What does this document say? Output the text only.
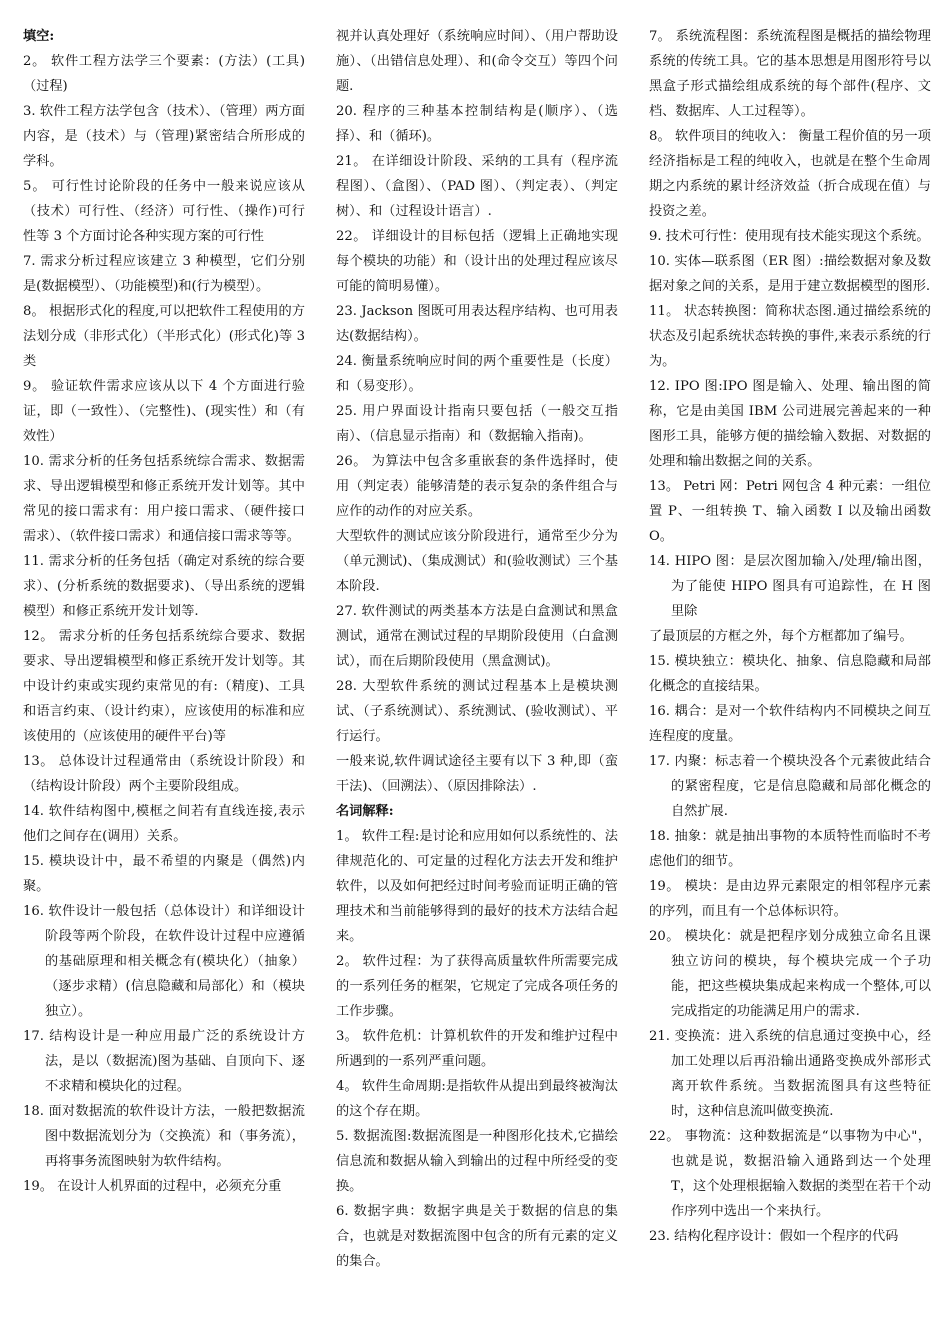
填空:

2。 软件工程方法学三个要素：(方法）(工具)（过程)

3. 软件工程方法学包含（技术）、（管理）两方面内容，是（技术）与（管理)紧密结合所形成的学科。

5。 可行性讨论阶段的任务中一般来说应该从（技术）可行性、（经济）可行性、（操作)可行性等 3 个方面讨论各种实现方案的可行性

7. 需求分析过程应该建立 3 种模型，它们分别是(数据模型）、（功能模型)和(行为模型）。

8。 根据形式化的程度,可以把软件工程使用的方法划分成（非形式化）（半形式化）(形式化)等 3 类

9。 验证软件需求应该从以下 4 个方面进行验证，即（一致性）、（完整性)、(现实性）和（有效性）

10. 需求分析的任务包括系统综合需求、数据需求、导出逻辑模型和修正系统开发计划等。其中常见的接口需求有：用户接口需求、（硬件接口需求）、（软件接口需求）和通信接口需求等等。

11. 需求分析的任务包括（确定对系统的综合要求）、(分析系统的数据要求)、（导出系统的逻辑模型）和修正系统开发计划等.

12。 需求分析的任务包括系统综合要求、数据要求、导出逻辑模型和修正系统开发计划等。其中设计约束或实现约束常见的有:（精度)、工具和语言约束、（设计约束），应该使用的标准和应该使用的（应该使用的硬件平台)等

13。 总体设计过程通常由（系统设计阶段）和（结构设计阶段）两个主要阶段组成。

14. 软件结构图中,模框之间若有直线连接,表示他们之间存在(调用）关系。

15. 模块设计中，最不希望的内聚是（偶然)内聚。

16. 软件设计一般包括（总体设计）和详细设计阶段等两个阶段，在软件设计过程中应遵循的基础原理和相关概念有(模块化）（抽象）（逐步求精）(信息隐藏和局部化）和（模块独立）。

17. 结构设计是一种应用最广泛的系统设计方法，是以（数据流)图为基础、自顶向下、逐不求精和模块化的过程。

18. 面对数据流的软件设计方法，一般把数据流图中数据流划分为（交换流）和（事务流），再将事务流图映射为软件结构。

19。 在设计人机界面的过程中，必须充分重

视并认真处理好（系统响应时间）、（用户帮助设施）、（出错信息处理）、和(命令交互）等四个问题.

20. 程序的三种基本控制结构是(顺序）、（选择）、和（循环)。

21。 在详细设计阶段、采纳的工具有（程序流程图）、（盒图）、（PAD 图）、（判定表）、（判定树）、和（过程设计语言）.

22。 详细设计的目标包括（逻辑上正确地实现每个模块的功能）和（设计出的处理过程应该尽可能的简明易懂）。

23. Jackson 图既可用表达程序结构、也可用表达(数据结构）。

24. 衡量系统响应时间的两个重要性是（长度）和（易变形）。

25. 用户界面设计指南只要包括（一般交互指南）、（信息显示指南）和（数据输入指南)。

26。 为算法中包含多重嵌套的条件选择时，使用（判定表）能够清楚的表示复杂的条件组合与应作的动作的对应关系。

大型软件的测试应该分阶段进行，通常至少分为（单元测试)、（集成测试）和(验收测试）三个基本阶段.

27. 软件测试的两类基本方法是白盒测试和黑盒测试，通常在测试过程的早期阶段使用（白盒测试），而在后期阶段使用（黑盒测试)。

28. 大型软件系统的测试过程基本上是模块测试、（子系统测试）、系统测试、(验收测试）、平行运行。

一般来说,软件调试途径主要有以下 3 种,即（蛮干法)、（回溯法）、（原因排除法）.

名词解释:

1。 软件工程:是讨论和应用如何以系统性的、法律规范化的、可定量的过程化方法去开发和维护软件，以及如何把经过时间考验而证明正确的管理技术和当前能够得到的最好的技术方法结合起来。

2。 软件过程：为了获得高质量软件所需要完成的一系列任务的框架，它规定了完成各项任务的工作步骤。

3。 软件危机：计算机软件的开发和维护过程中所遇到的一系列严重问题。

4。 软件生命周期:是指软件从提出到最终被淘汰的这个存在期。

5. 数据流图:数据流图是一种图形化技术,它描绘信息流和数据从输入到输出的过程中所经受的变换。

6. 数据字典：数据字典是关于数据的信息的集合，也就是对数据流图中包含的所有元素的定义的集合。

7。 系统流程图：系统流程图是概括的描绘物理系统的传统工具。它的基本思想是用图形符号以黑盒子形式描绘组成系统的每个部件(程序、文档、数据库、人工过程等）。

8。 软件项目的纯收入： 衡量工程价值的另一项经济指标是工程的纯收入，也就是在整个生命周期之内系统的累计经济效益（折合成现在值）与投资之差。

9. 技术可行性：使用现有技术能实现这个系统。

10. 实体—联系图（ER 图）:描绘数据对象及数据对象之间的关系，是用于建立数据模型的图形.

11。 状态转换图：简称状态图.通过描绘系统的状态及引起系统状态转换的事件,来表示系统的行为。

12. IPO 图:IPO 图是输入、处理、输出图的简称，它是由美国 IBM 公司进展完善起来的一种图形工具，能够方便的描绘输入数据、对数据的处理和输出数据之间的关系。

13。 Petri 网：Petri 网包含 4 种元素：一组位置 P、一组转换 T、输入函数 I 以及输出函数 O。

14. HIPO 图：是层次图加输入/处理/输出图，为了能使 HIPO 图具有可追踪性，在 H 图里除

了最顶层的方框之外，每个方框都加了编号。

15. 模块独立：模块化、抽象、信息隐藏和局部化概念的直接结果。

16. 耦合：是对一个软件结构内不同模块之间互连程度的度量。

17. 内聚：标志着一个模块没各个元素彼此结合的紧密程度，它是信息隐藏和局部化概念的自然扩展.

18. 抽象：就是抽出事物的本质特性而临时不考虑他们的细节。

19。 模块：是由边界元素限定的相邻程序元素的序列，而且有一个总体标识符。

20。 模块化：就是把程序划分成独立命名且课独立访问的模块，每个模块完成一个子功能，把这些模块集成起来构成一个整体,可以完成指定的功能满足用户的需求.

21. 变换流：进入系统的信息通过变换中心，经加工处理以后再沿输出通路变换成外部形式离开软件系统。当数据流图具有这些特征时，这种信息流叫做变换流.

22。 事物流：这种数据流是“以事物为中心"，也就是说，数据沿输入通路到达一个处理 T，这个处理根据输入数据的类型在若干个动作序列中选出一个来执行。

23. 结构化程序设计：假如一个程序的代码
